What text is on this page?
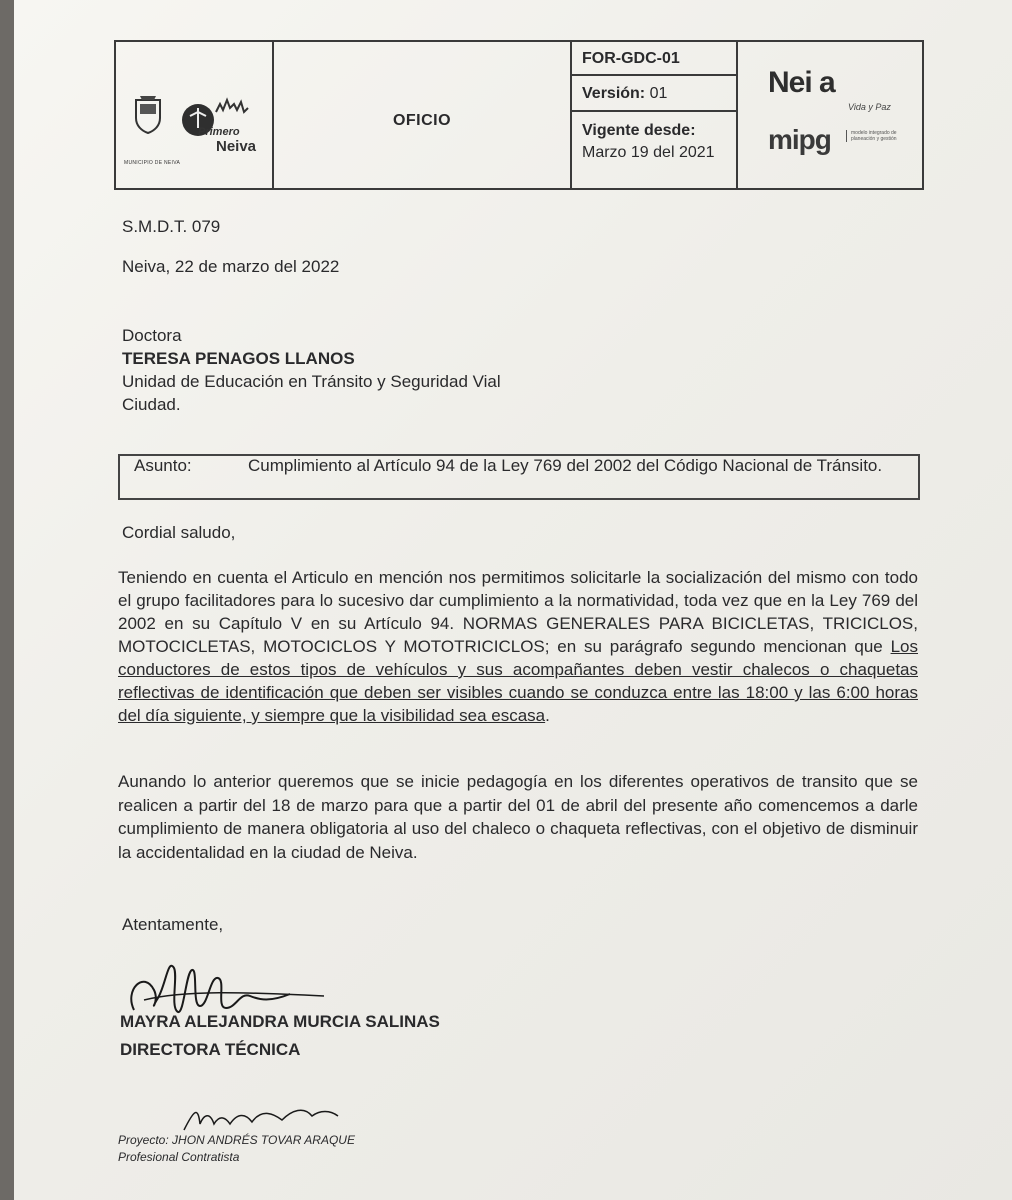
MUNICIPIO DE NEIVA
Primero
Neiva
OFICIO
FOR-GDC-01
Versión: 01
Vigente desde:
Marzo 19 del 2021
Nei a
Vida y Paz
mipg	modelo integrado de planeación y gestión
S.M.D.T. 079
Neiva, 22 de marzo del 2022
Doctora
TERESA PENAGOS LLANOS
Unidad de Educación en Tránsito y Seguridad Vial
Ciudad.
Asunto:	Cumplimiento al Artículo 94 de la Ley 769 del 2002 del Código Nacional de Tránsito.
Cordial saludo,
Teniendo en cuenta el Articulo en mención nos permitimos solicitarle la socialización del mismo con todo el grupo facilitadores para lo sucesivo dar cumplimiento a la normatividad, toda vez que en la Ley 769 del 2002 en su Capítulo V en su Artículo 94. NORMAS GENERALES PARA BICICLETAS, TRICICLOS, MOTOCICLETAS, MOTOCICLOS Y MOTOTRICICLOS; en su parágrafo segundo mencionan que Los conductores de estos tipos de vehículos y sus acompañantes deben vestir chalecos o chaquetas reflectivas de identificación que deben ser visibles cuando se conduzca entre las 18:00 y las 6:00 horas del día siguiente, y siempre que la visibilidad sea escasa.
Aunando lo anterior queremos que se inicie pedagogía en los diferentes operativos de transito que se realicen a partir del 18 de marzo para que a partir del 01 de abril del presente año comencemos a darle cumplimiento de manera obligatoria al uso del chaleco o chaqueta reflectivas, con el objetivo de disminuir la accidentalidad en la ciudad de Neiva.
Atentamente,
MAYRA ALEJANDRA MURCIA SALINAS
DIRECTORA TÉCNICA
Proyecto: JHON ANDRÉS TOVAR ARAQUE
Profesional Contratista
